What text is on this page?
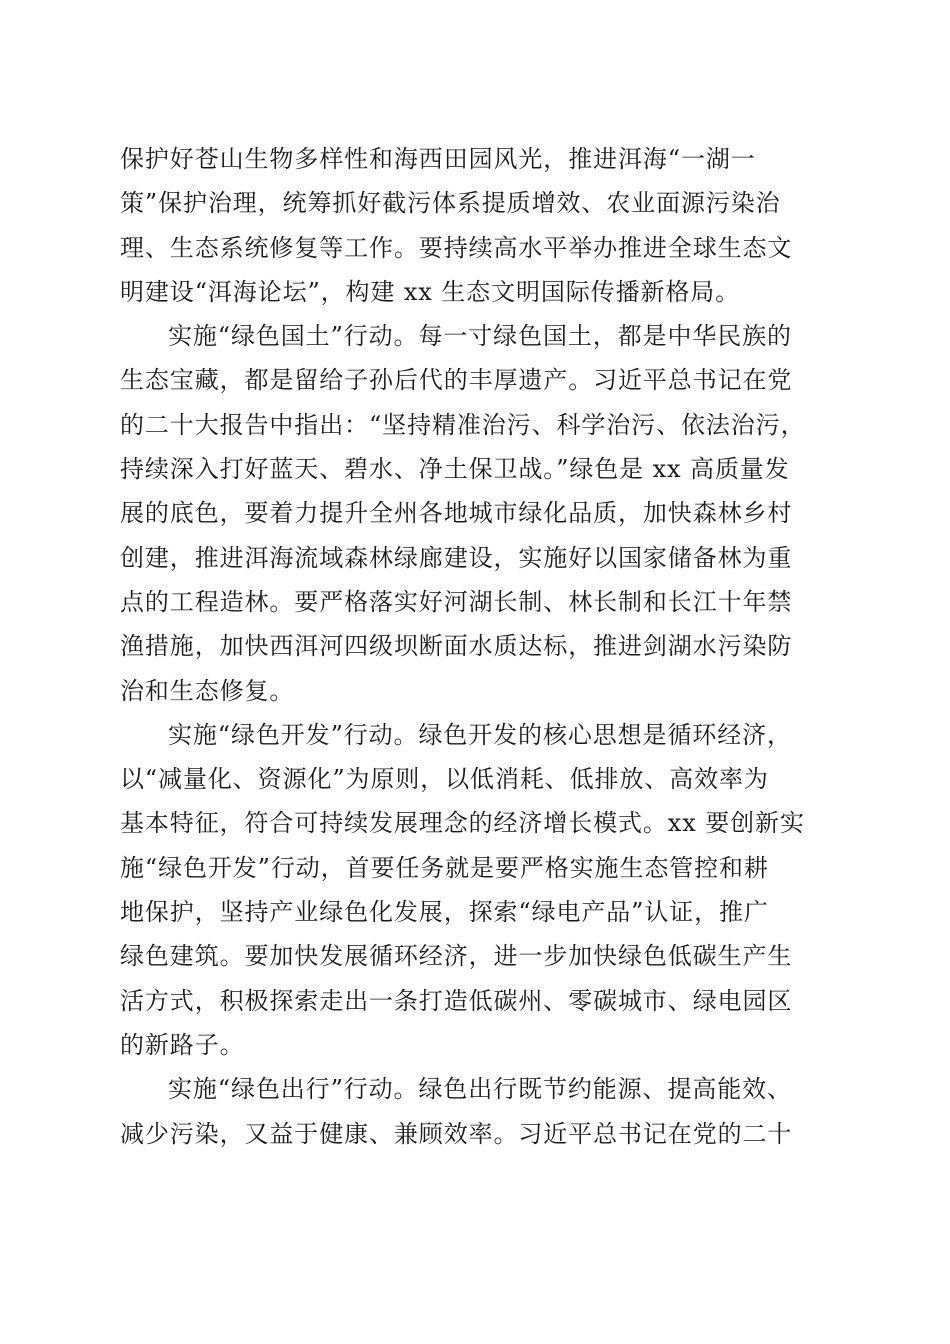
保护好苍山生物多样性和海西田园风光，推进洱海“一湖一
策”保护治理，统筹抓好截污体系提质增效、农业面源污染治
理、生态系统修复等工作。要持续高水平举办推进全球生态文
明建设“洱海论坛”，构建 xx 生态文明国际传播新格局。

实施“绿色国土”行动。每一寸绿色国土，都是中华民族的
生态宝藏，都是留给子孙后代的丰厚遗产。习近平总书记在党
的二十大报告中指出：“坚持精准治污、科学治污、依法治污，
持续深入打好蓝天、碧水、净土保卫战。”绿色是 xx 高质量发
展的底色，要着力提升全州各地城市绿化品质，加快森林乡村
创建，推进洱海流域森林绿廊建设，实施好以国家储备林为重
点的工程造林。要严格落实好河湖长制、林长制和长江十年禁
渔措施，加快西洱河四级坝断面水质达标，推进剑湖水污染防
治和生态修复。

实施“绿色开发”行动。绿色开发的核心思想是循环经济，
以“减量化、资源化”为原则，以低消耗、低排放、高效率为
基本特征，符合可持续发展理念的经济增长模式。xx 要创新实
施“绿色开发”行动，首要任务就是要严格实施生态管控和耕
地保护，坚持产业绿色化发展，探索“绿电产品”认证，推广
绿色建筑。要加快发展循环经济，进一步加快绿色低碳生产生
活方式，积极探索走出一条打造低碳州、零碳城市、绿电园区
的新路子。

实施“绿色出行”行动。绿色出行既节约能源、提高能效、
减少污染，又益于健康、兼顾效率。习近平总书记在党的二十
